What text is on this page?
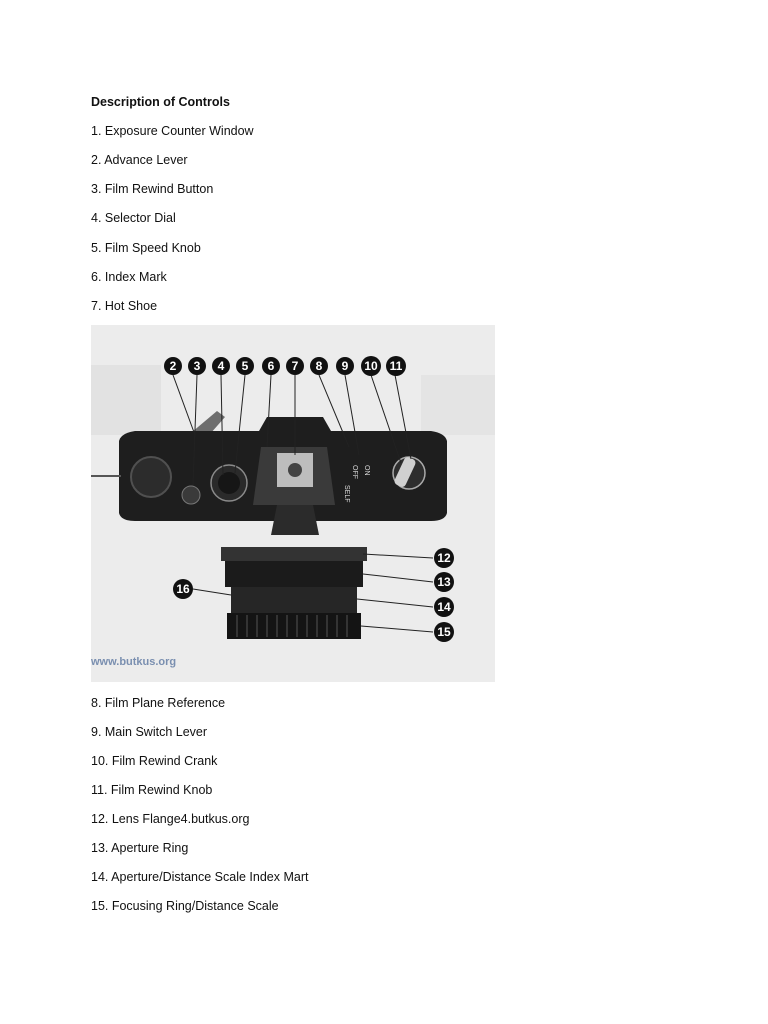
Description of Controls
1. Exposure Counter Window
2. Advance Lever
3. Film Rewind Button
4. Selector Dial
5. Film Speed Knob
6. Index Mark
7. Hot Shoe
OFF ON
SELF
2 3 4 5 6 7 8 9 10 11
12
13
14
15
16
www.butkus.org
8. Film Plane Reference
9. Main Switch Lever
10. Film Rewind Crank
11. Film Rewind Knob
12. Lens Flange4.butkus.org
13. Aperture Ring
14. Aperture/Distance Scale Index Mart
15. Focusing Ring/Distance Scale
